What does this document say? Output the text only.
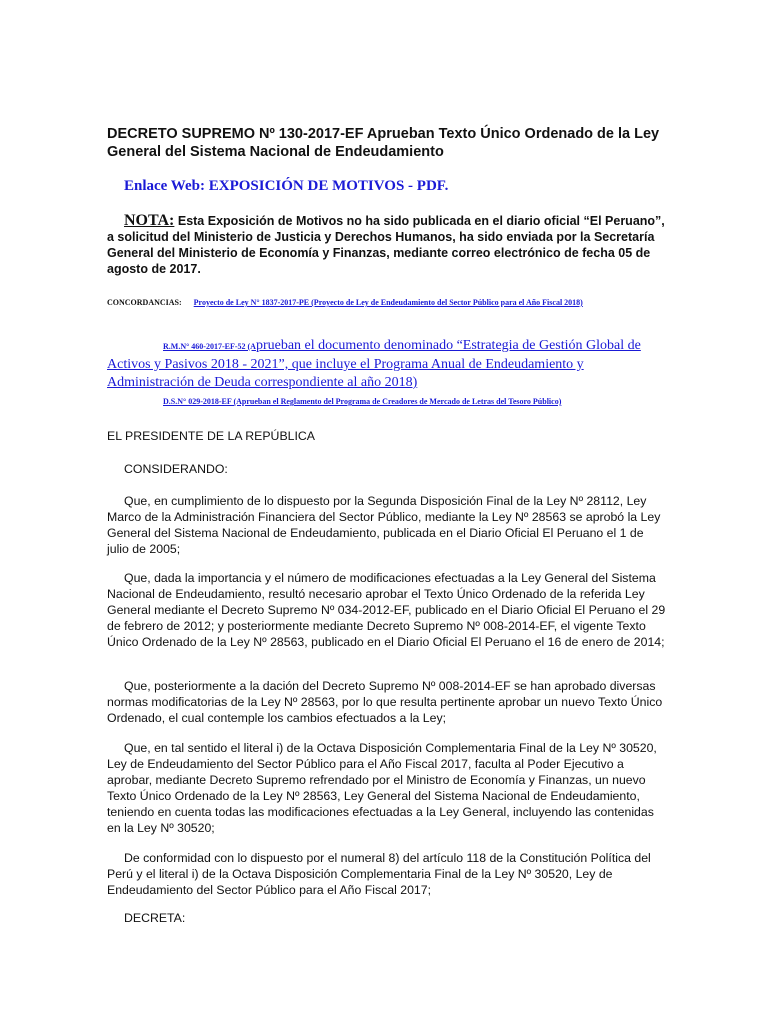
DECRETO SUPREMO Nº 130-2017-EF Aprueban Texto Único Ordenado de la Ley General del Sistema Nacional de Endeudamiento
Enlace Web: EXPOSICIÓN DE MOTIVOS - PDF.
NOTA: Esta Exposición de Motivos no ha sido publicada en el diario oficial “El Peruano”, a solicitud del Ministerio de Justicia y Derechos Humanos, ha sido enviada por la Secretaría General del Ministerio de Economía y Finanzas, mediante correo electrónico de fecha 05 de agosto de 2017.
CONCORDANCIAS: Proyecto de Ley N° 1837-2017-PE (Proyecto de Ley de Endeudamiento del Sector Público para el Año Fiscal 2018)
R.M.N° 460-2017-EF-52 (Aprueban el documento denominado “Estrategia de Gestión Global de Activos y Pasivos 2018 - 2021”, que incluye el Programa Anual de Endeudamiento y Administración de Deuda correspondiente al año 2018)
D.S.N° 029-2018-EF (Aprueban el Reglamento del Programa de Creadores de Mercado de Letras del Tesoro Público)
EL PRESIDENTE DE LA REPÚBLICA
CONSIDERANDO:
Que, en cumplimiento de lo dispuesto por la Segunda Disposición Final de la Ley Nº 28112, Ley Marco de la Administración Financiera del Sector Público, mediante la Ley Nº 28563 se aprobó la Ley General del Sistema Nacional de Endeudamiento, publicada en el Diario Oficial El Peruano el 1 de julio de 2005;
Que, dada la importancia y el número de modificaciones efectuadas a la Ley General del Sistema Nacional de Endeudamiento, resultó necesario aprobar el Texto Único Ordenado de la referida Ley General mediante el Decreto Supremo Nº 034-2012-EF, publicado en el Diario Oficial El Peruano el 29 de febrero de 2012; y posteriormente mediante Decreto Supremo Nº 008-2014-EF, el vigente Texto Único Ordenado de la Ley Nº 28563, publicado en el Diario Oficial El Peruano el 16 de enero de 2014;
Que, posteriormente a la dación del Decreto Supremo Nº 008-2014-EF se han aprobado diversas normas modificatorias de la Ley Nº 28563, por lo que resulta pertinente aprobar un nuevo Texto Único Ordenado, el cual contemple los cambios efectuados a la Ley;
Que, en tal sentido el literal i) de la Octava Disposición Complementaria Final de la Ley Nº 30520, Ley de Endeudamiento del Sector Público para el Año Fiscal 2017, faculta al Poder Ejecutivo a aprobar, mediante Decreto Supremo refrendado por el Ministro de Economía y Finanzas, un nuevo Texto Único Ordenado de la Ley Nº 28563, Ley General del Sistema Nacional de Endeudamiento, teniendo en cuenta todas las modificaciones efectuadas a la Ley General, incluyendo las contenidas en la Ley Nº 30520;
De conformidad con lo dispuesto por el numeral 8) del artículo 118 de la Constitución Política del Perú y el literal i) de la Octava Disposición Complementaria Final de la Ley Nº 30520, Ley de Endeudamiento del Sector Público para el Año Fiscal 2017;
DECRETA:
